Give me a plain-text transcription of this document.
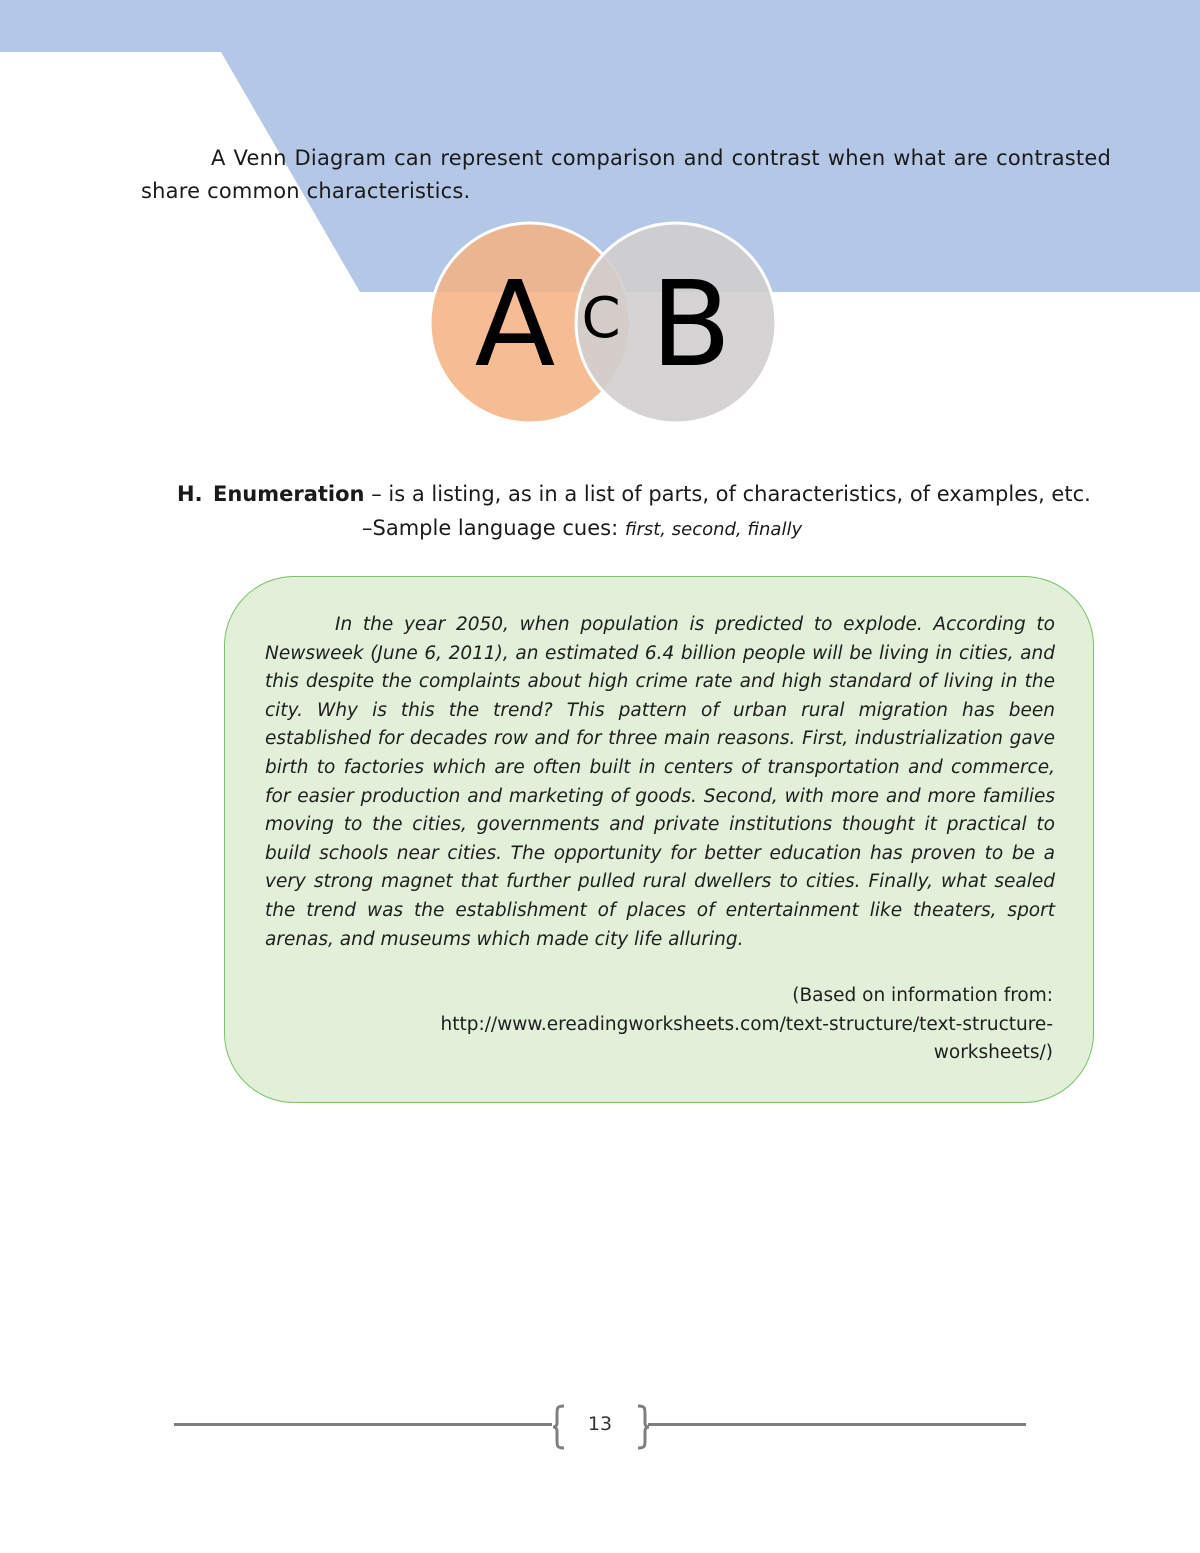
A Venn Diagram can represent comparison and contrast when what are contrasted share common characteristics.
A C B
H. Enumeration – is a listing, as in a list of parts, of characteristics, of examples, etc.
–Sample language cues: first, second, finally

In the year 2050, when population is predicted to explode. According to Newsweek (June 6, 2011), an estimated 6.4 billion people will be living in cities, and this despite the complaints about high crime rate and high standard of living in the city. Why is this the trend? This pattern of urban rural migration has been established for decades row and for three main reasons. First, industrialization gave birth to factories which are often built in centers of transportation and commerce, for easier production and marketing of goods. Second, with more and more families moving to the cities, governments and private institutions thought it practical to build schools near cities. The opportunity for better education has proven to be a very strong magnet that further pulled rural dwellers to cities. Finally, what sealed the trend was the establishment of places of entertainment like theaters, sport arenas, and museums which made city life alluring.

(Based on information from:
http://www.ereadingworksheets.com/text-structure/text-structure-
worksheets/)
13
